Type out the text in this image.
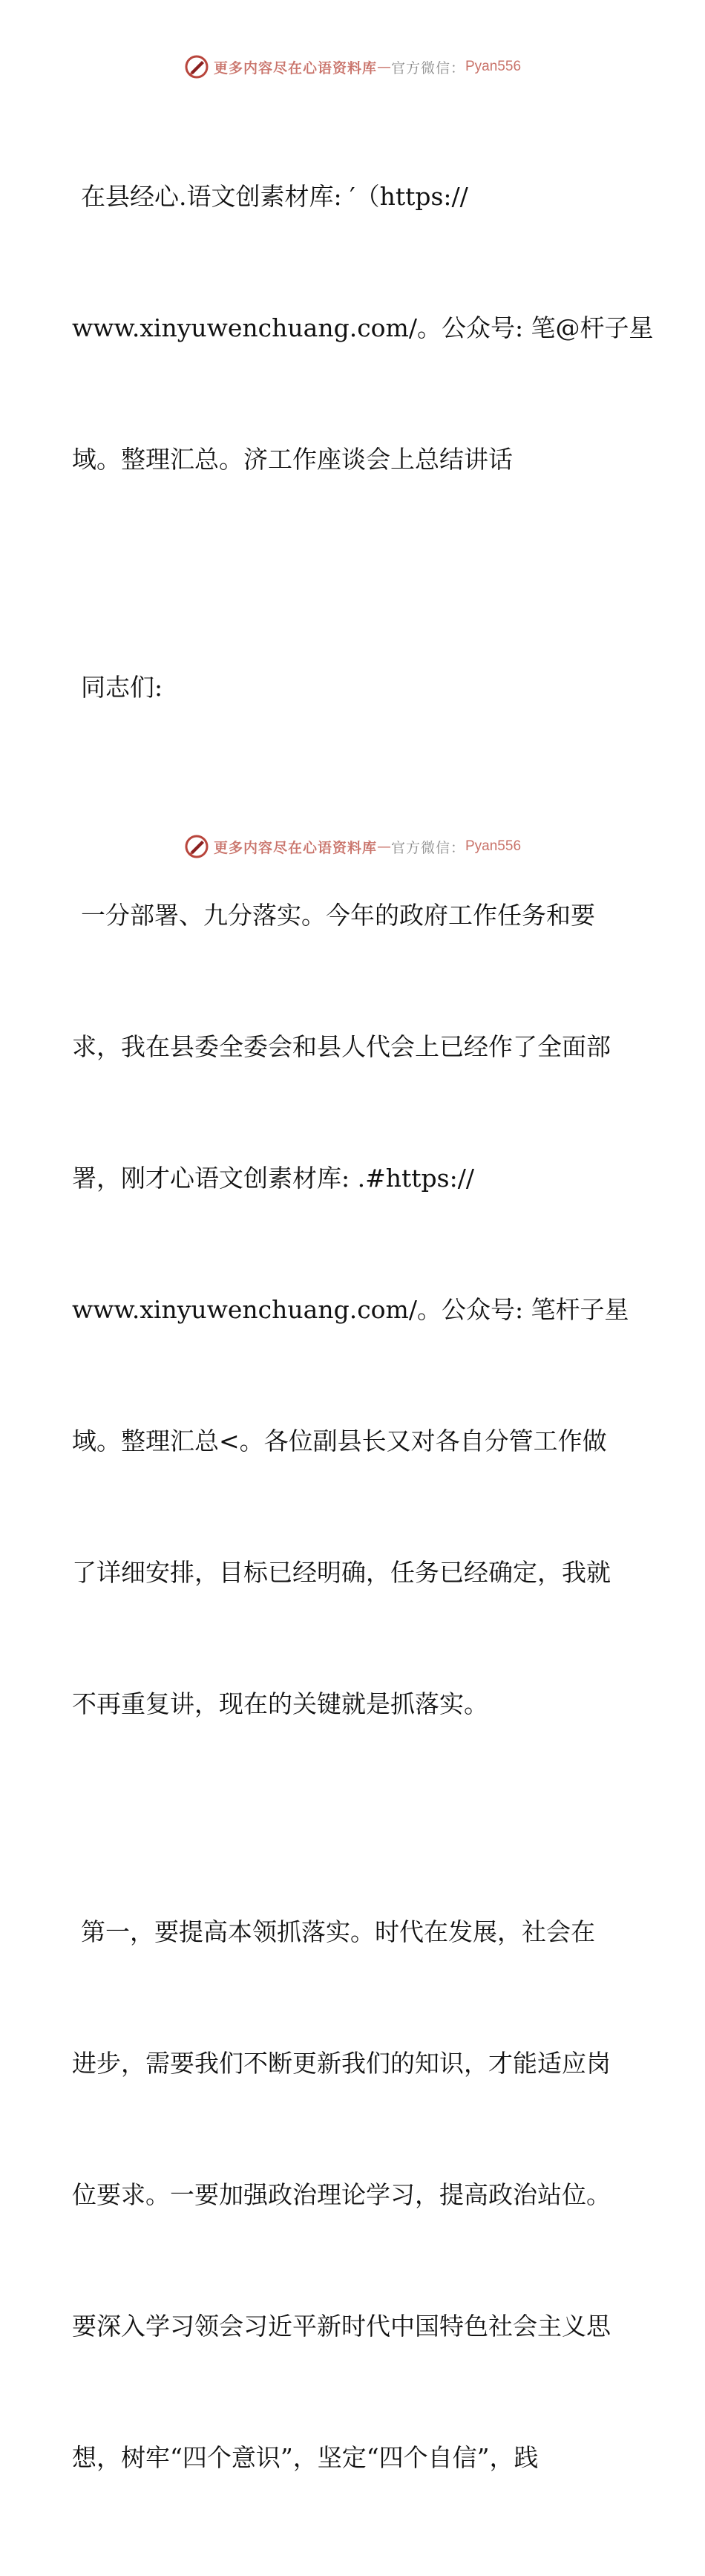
更多内容尽在心语资料库 — 官方微信： Pyan556

在县经心.语文创素材库: ′（https://

www.xinyuwenchuang.com/。公众号: 笔@杆子星

域。整理汇总。济工作座谈会上总结讲话

同志们:

一分部署、九分落实。今年的政府工作任务和要

求，我在县委全委会和县人代会上已经作了全面部

署，刚才心语文创素材库: .#https://

www.xinyuwenchuang.com/。公众号: 笔杆子星

域。整理汇总<。各位副县长又对各自分管工作做

了详细安排，目标已经明确，任务已经确定，我就

不再重复讲，现在的关键就是抓落实。

第一，要提高本领抓落实。时代在发展，社会在

进步，需要我们不断更新我们的知识，才能适应岗

位要求。一要加强政治理论学习，提高政治站位。

要深入学习领会习近平新时代中国特色社会主义思

想，树牢“四个意识”，坚定“四个自信”，践

更多内容尽在心语资料库 — 官方微信： Pyan556
